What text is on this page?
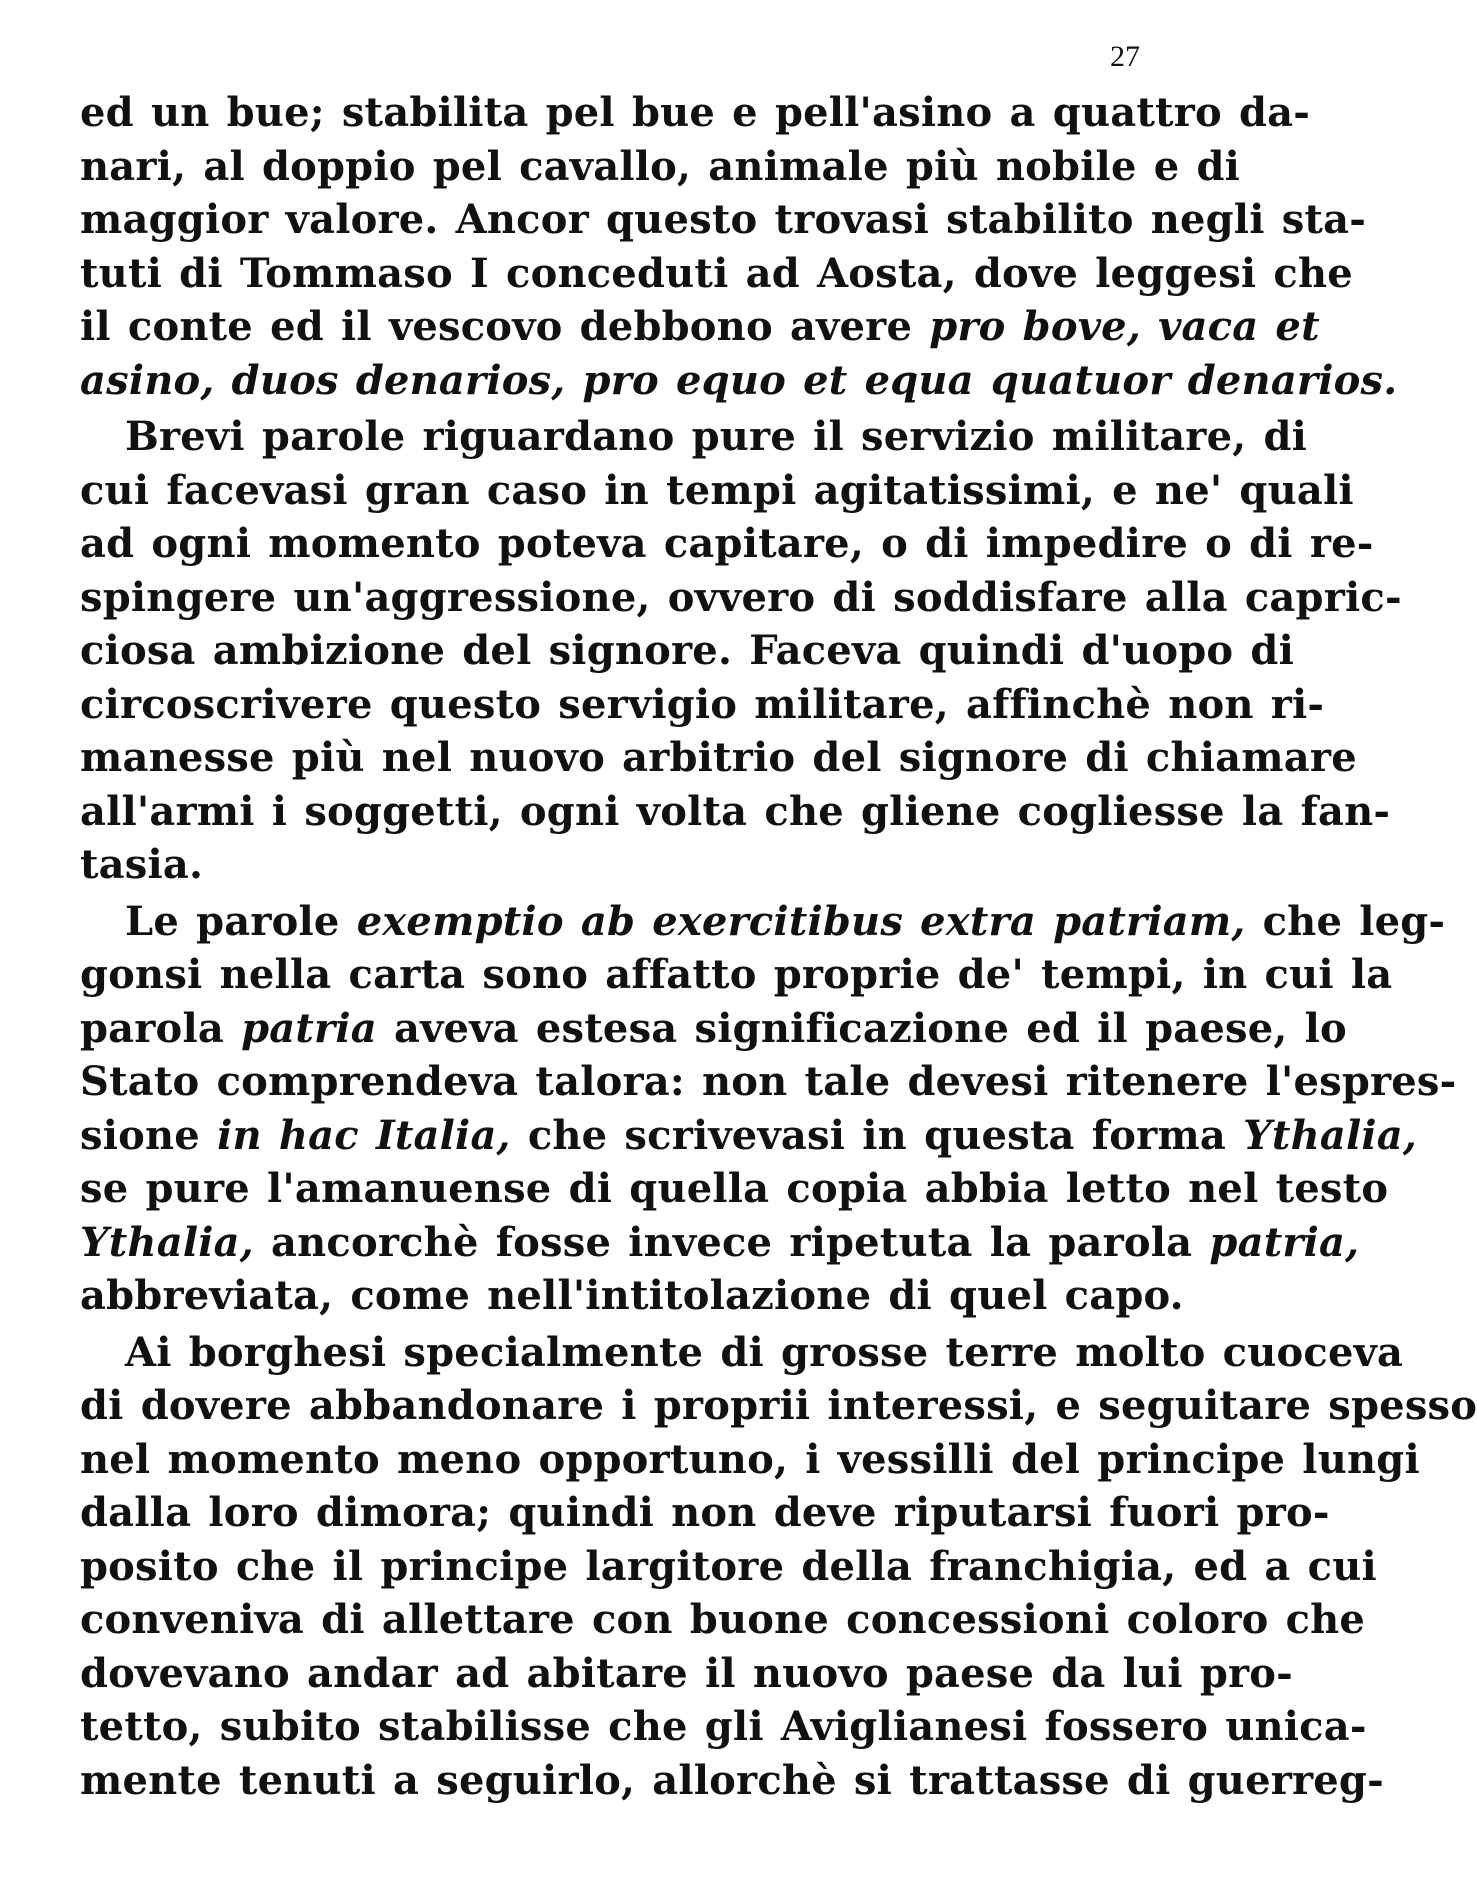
27
ed un bue; stabilita pel bue e pell'asino a quattro da-
nari, al doppio pel cavallo, animale più nobile e di
maggior valore. Ancor questo trovasi stabilito negli sta-
tuti di Tommaso I conceduti ad Aosta, dove leggesi che
il conte ed il vescovo debbono avere pro bove, vaca et
asino, duos denarios, pro equo et equa quatuor denarios.
Brevi parole riguardano pure il servizio militare, di
cui facevasi gran caso in tempi agitatissimi, e ne' quali
ad ogni momento poteva capitare, o di impedire o di re-
spingere un'aggressione, ovvero di soddisfare alla capric-
ciosa ambizione del signore. Faceva quindi d'uopo di
circoscrivere questo servigio militare, affinchè non ri-
manesse più nel nuovo arbitrio del signore di chiamare
all'armi i soggetti, ogni volta che gliene cogliesse la fan-
tasia.
Le parole exemptio ab exercitibus extra patriam, che leg-
gonsi nella carta sono affatto proprie de' tempi, in cui la
parola patria aveva estesa significazione ed il paese, lo
Stato comprendeva talora: non tale devesi ritenere l'espres-
sione in hac Italia, che scrivevasi in questa forma Ythalia,
se pure l'amanuense di quella copia abbia letto nel testo
Ythalia, ancorchè fosse invece ripetuta la parola patria,
abbreviata, come nell'intitolazione di quel capo.
Ai borghesi specialmente di grosse terre molto cuoceva
di dovere abbandonare i proprii interessi, e seguitare spesso
nel momento meno opportuno, i vessilli del principe lungi
dalla loro dimora; quindi non deve riputarsi fuori pro-
posito che il principe largitore della franchigia, ed a cui
conveniva di allettare con buone concessioni coloro che
dovevano andar ad abitare il nuovo paese da lui pro-
tetto, subito stabilisse che gli Aviglianesi fossero unica-
mente tenuti a seguirlo, allorchè si trattasse di guerreg-
